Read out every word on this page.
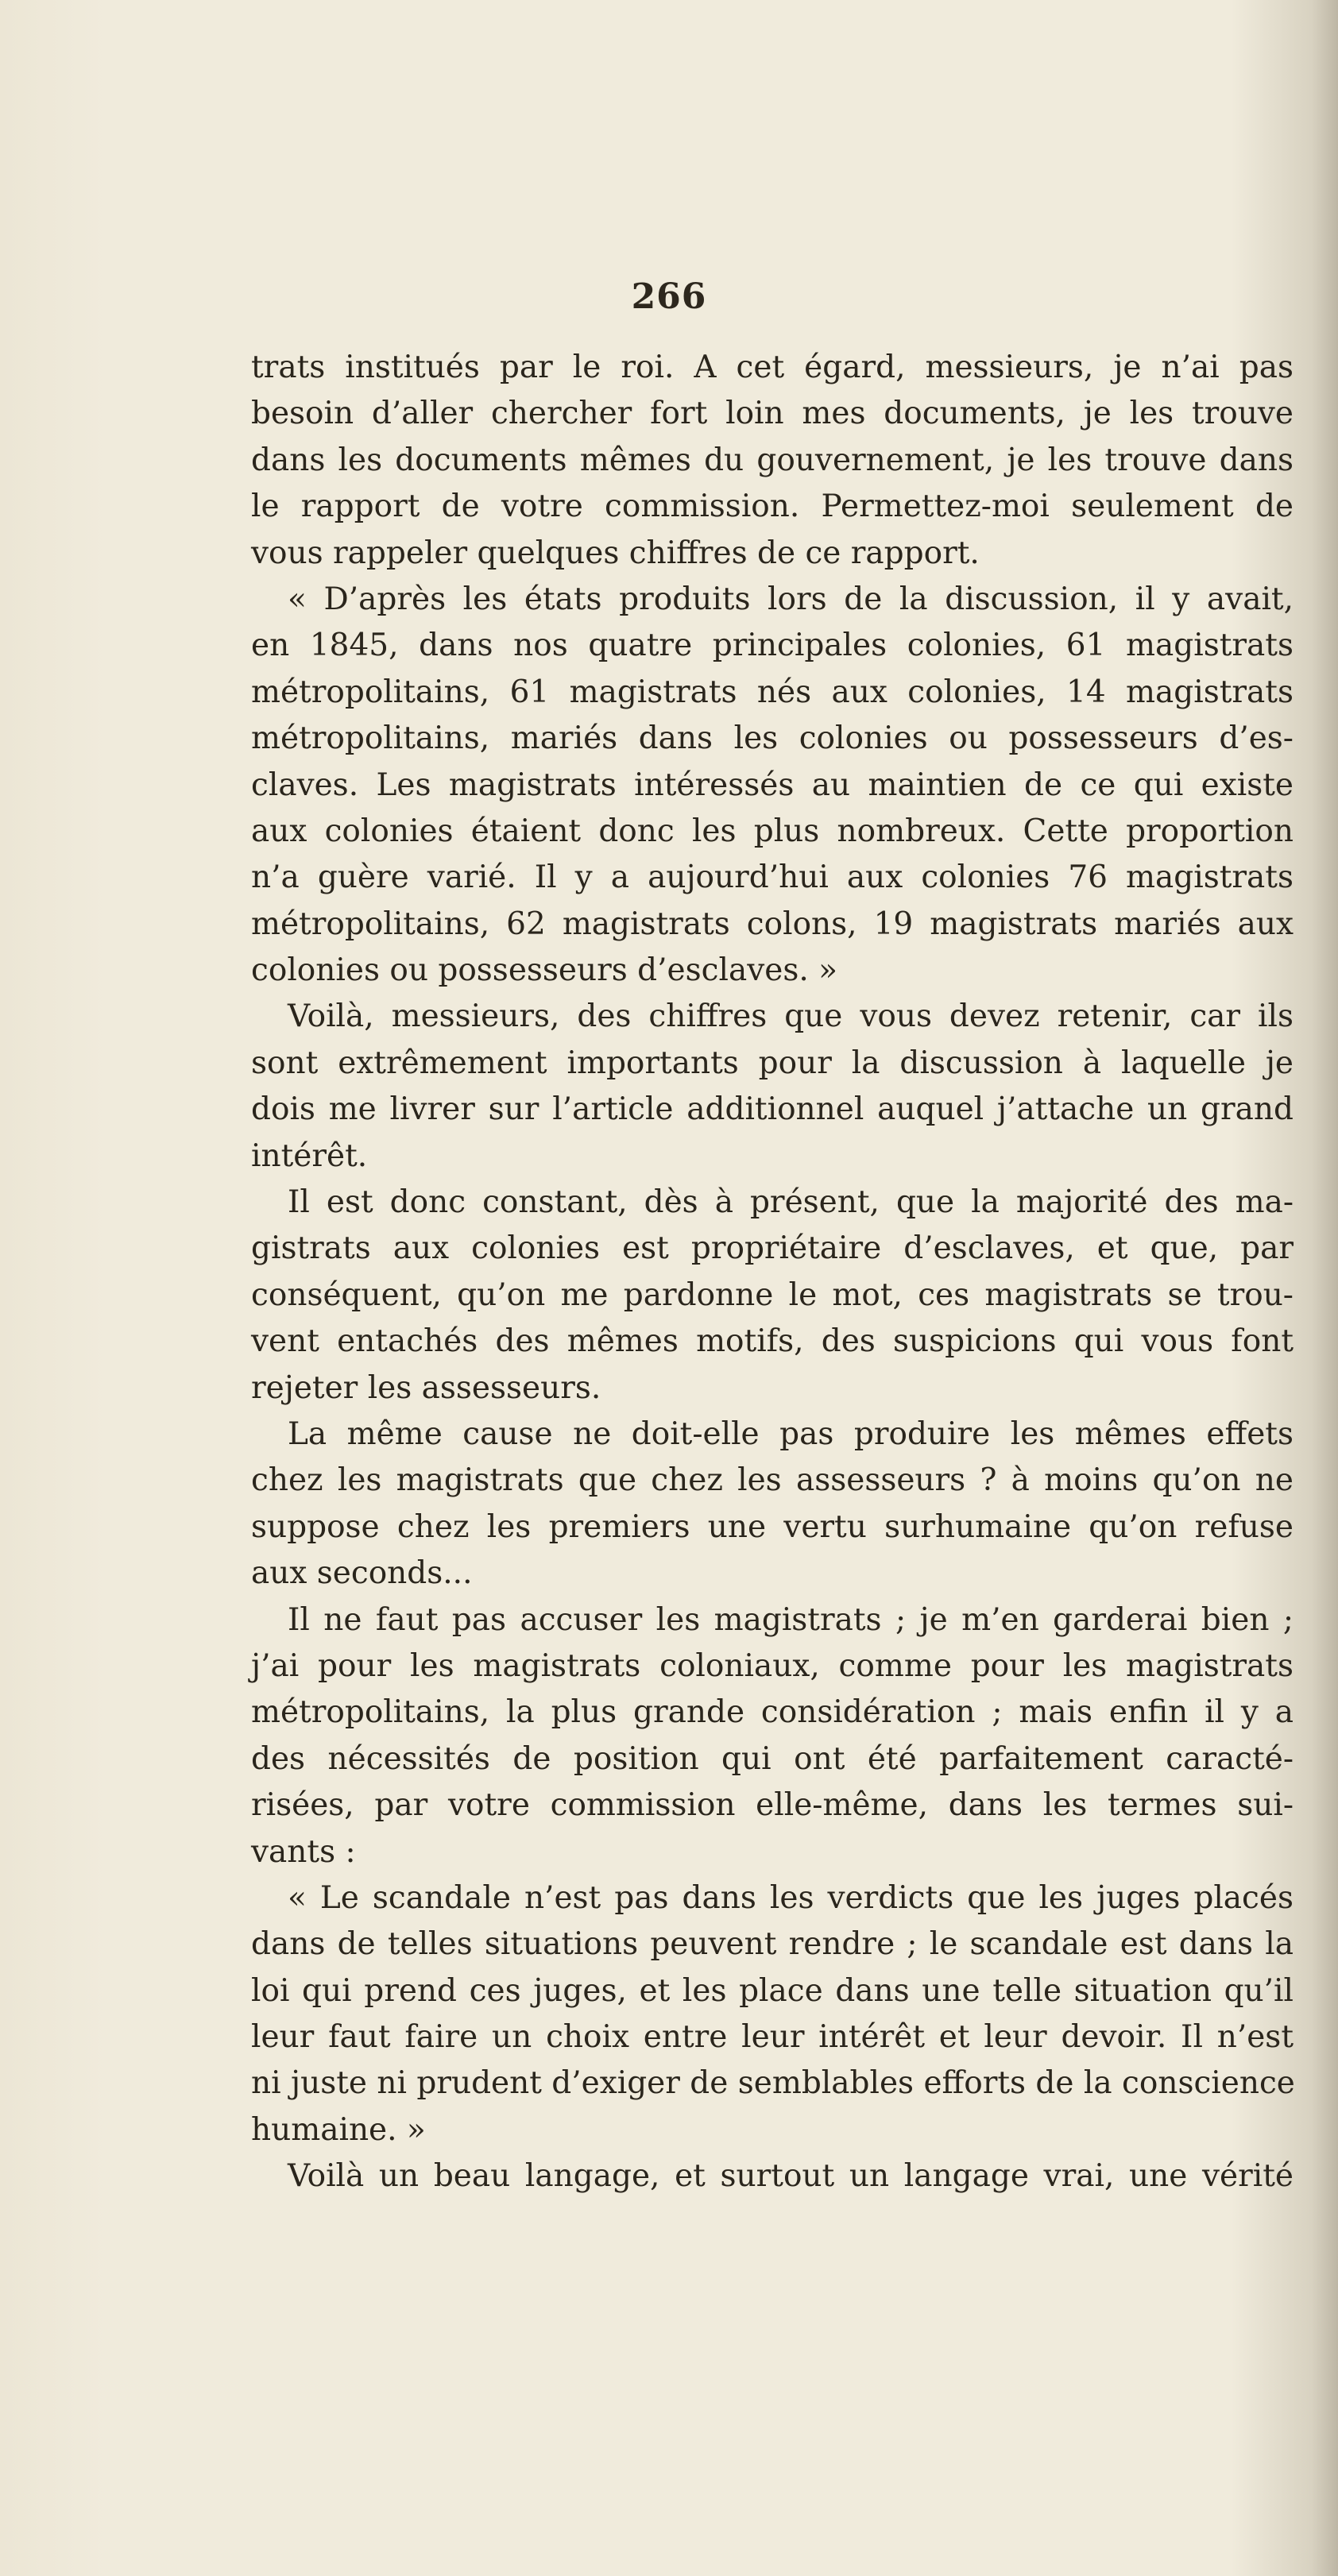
266
trats institués par le roi. A cet égard, messieurs, je n’ai pas
besoin d’aller chercher fort loin mes documents, je les trouve
dans les documents mêmes du gouvernement, je les trouve dans
le rapport de votre commission. Permettez-moi seulement de
vous rappeler quelques chiffres de ce rapport.
« D’après les états produits lors de la discussion, il y avait,
en 1845, dans nos quatre principales colonies, 61 magistrats
métropolitains, 61 magistrats nés aux colonies, 14 magistrats
métropolitains, mariés dans les colonies ou possesseurs d’es-
claves. Les magistrats intéressés au maintien de ce qui existe
aux colonies étaient donc les plus nombreux. Cette proportion
n’a guère varié. Il y a aujourd’hui aux colonies 76 magistrats
métropolitains, 62 magistrats colons, 19 magistrats mariés aux
colonies ou possesseurs d’esclaves. »
Voilà, messieurs, des chiffres que vous devez retenir, car ils
sont extrêmement importants pour la discussion à laquelle je
dois me livrer sur l’article additionnel auquel j’attache un grand
intérêt.
Il est donc constant, dès à présent, que la majorité des ma-
gistrats aux colonies est propriétaire d’esclaves, et que, par
conséquent, qu’on me pardonne le mot, ces magistrats se trou-
vent entachés des mêmes motifs, des suspicions qui vous font
rejeter les assesseurs.
La même cause ne doit-elle pas produire les mêmes effets
chez les magistrats que chez les assesseurs ? à moins qu’on ne
suppose chez les premiers une vertu surhumaine qu’on refuse
aux seconds...
Il ne faut pas accuser les magistrats ; je m’en garderai bien ;
j’ai pour les magistrats coloniaux, comme pour les magistrats
métropolitains, la plus grande considération ; mais enfin il y a
des nécessités de position qui ont été parfaitement caracté-
risées, par votre commission elle-même, dans les termes sui-
vants :
« Le scandale n’est pas dans les verdicts que les juges placés
dans de telles situations peuvent rendre ; le scandale est dans la
loi qui prend ces juges, et les place dans une telle situation qu’il
leur faut faire un choix entre leur intérêt et leur devoir. Il n’est
ni juste ni prudent d’exiger de semblables efforts de la conscience
humaine. »
Voilà un beau langage, et surtout un langage vrai, une vérité
